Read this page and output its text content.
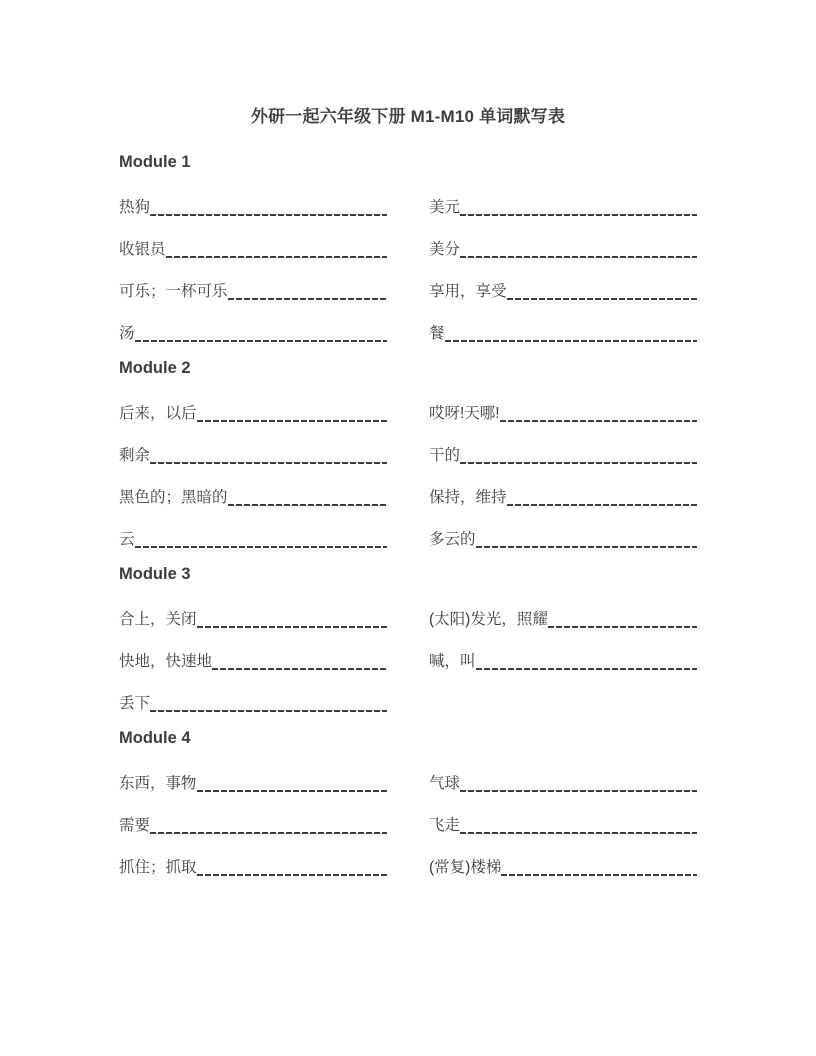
外研一起六年级下册 M1-M10 单词默写表
Module 1
热狗	美元
收银员	美分
可乐；一杯可乐	享用，享受
汤	餐
Module 2
后来，以后	哎呀!天哪!
剩余	干的
黑色的；黑暗的	保持，维持
云	多云的
Module 3
合上，关闭	(太阳)发光，照耀
快地，快速地	喊，叫
丢下
Module 4
东西，事物	气球
需要	飞走
抓住；抓取	(常复)楼梯
